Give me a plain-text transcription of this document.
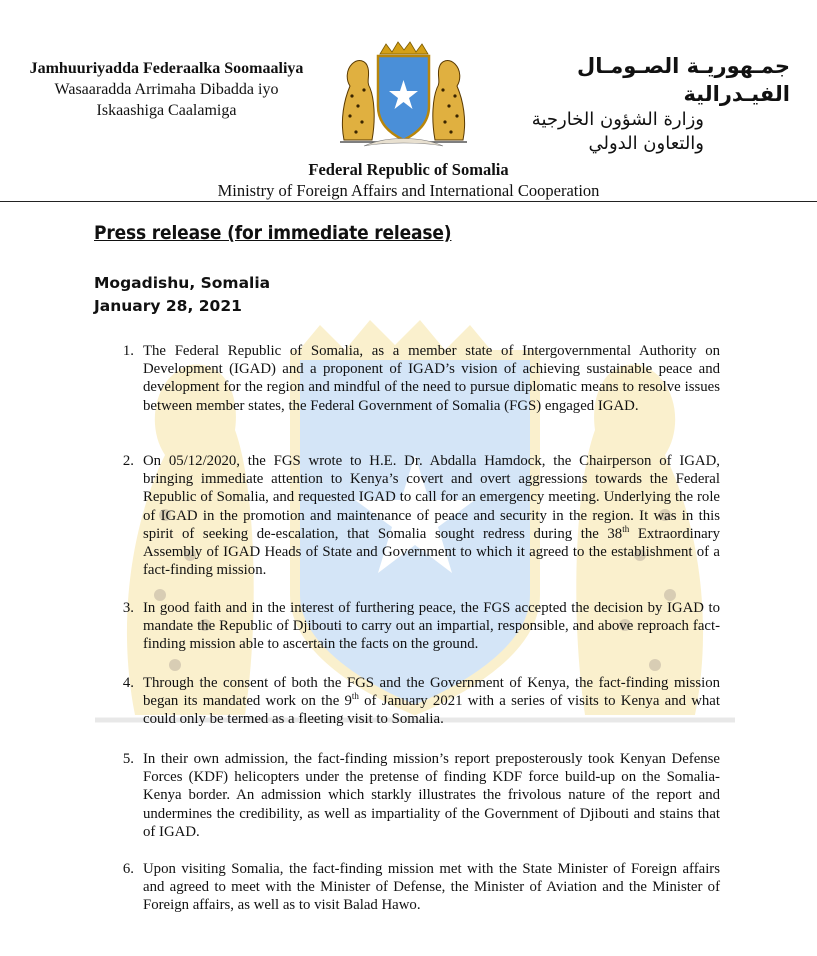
Jamhuuriyadda Federaalka Soomaaliya
Wasaaradda Arrimaha Dibadda iyo
Iskaashiga Caalamiga
جمـهوريـة الصـومـال الفيـدرالية
وزارة الشؤون الخارجية
والتعاون الدولي
Federal Republic of Somalia
Ministry of Foreign Affairs and International Cooperation
Press release (for immediate release)
Mogadishu, Somalia
January 28, 2021
1. The Federal Republic of Somalia, as a member state of Intergovernmental Authority on Development (IGAD) and a proponent of IGAD’s vision of achieving sustainable peace and development for the region and mindful of the need to pursue diplomatic means to resolve issues between member states, the Federal Government of Somalia (FGS) engaged IGAD.
2. On 05/12/2020, the FGS wrote to H.E. Dr. Abdalla Hamdock, the Chairperson of IGAD, bringing immediate attention to Kenya’s covert and overt aggressions towards the Federal Republic of Somalia, and requested IGAD to call for an emergency meeting. Underlying the role of IGAD in the promotion and maintenance of peace and security in the region. It was in this spirit of seeking de-escalation, that Somalia sought redress during the 38th Extraordinary Assembly of IGAD Heads of State and Government to which it agreed to the establishment of a fact-finding mission.
3. In good faith and in the interest of furthering peace, the FGS accepted the decision by IGAD to mandate the Republic of Djibouti to carry out an impartial, responsible, and above reproach fact-finding mission able to ascertain the facts on the ground.
4. Through the consent of both the FGS and the Government of Kenya, the fact-finding mission began its mandated work on the 9th of January 2021 with a series of visits to Kenya and what could only be termed as a fleeting visit to Somalia.
5. In their own admission, the fact-finding mission’s report preposterously took Kenyan Defense Forces (KDF) helicopters under the pretense of finding KDF force build-up on the Somalia-Kenya border. An admission which starkly illustrates the frivolous nature of the report and undermines the credibility, as well as impartiality of the Government of Djibouti and stains that of IGAD.
6. Upon visiting Somalia, the fact-finding mission met with the State Minister of Foreign affairs and agreed to meet with the Minister of Defense, the Minister of Aviation and the Minister of Foreign affairs, as well as to visit Balad Hawo.
